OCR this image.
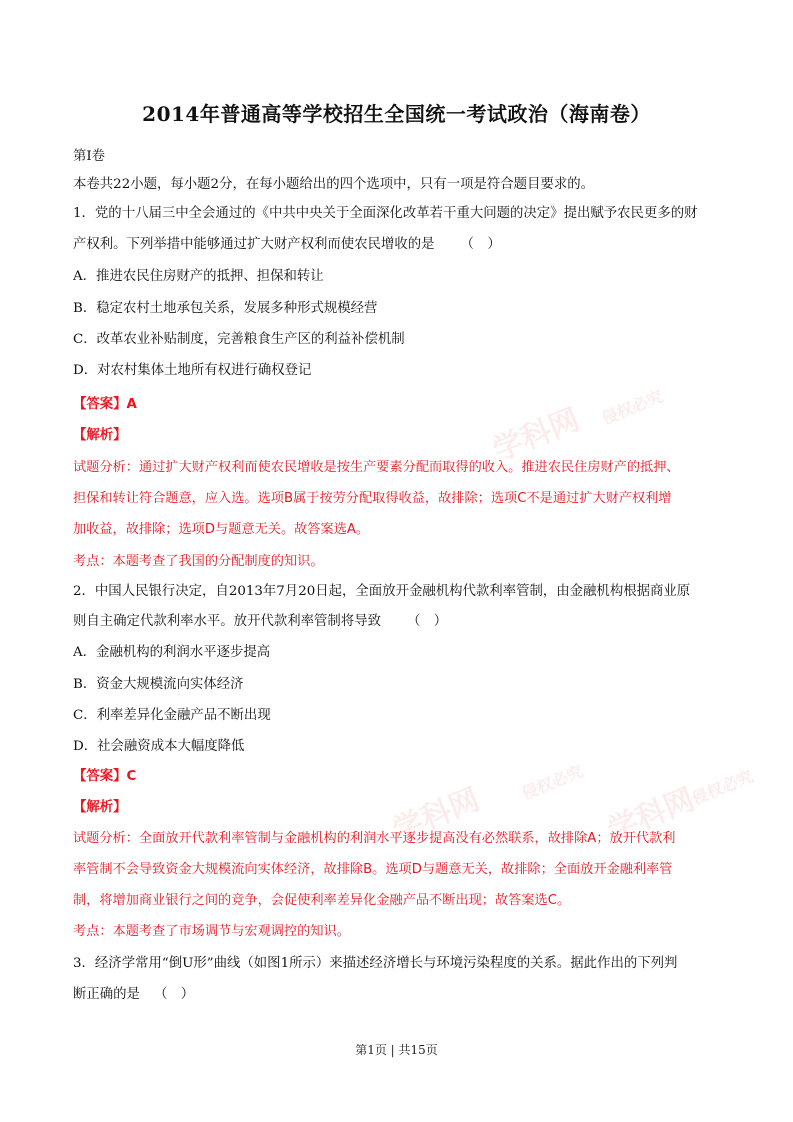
学科网 侵权必究
学科网 侵权必究 学科网
侵权必究
2014年普通高等学校招生全国统一考试政治（海南卷）
第Ⅰ卷
本卷共22小题，每小题2分，在每小题给出的四个选项中，只有一项是符合题目要求的。
1．党的十八届三中全会通过的《中共中央关于全面深化改革若干重大问题的决定》提出赋予农民更多的财
产权利。下列举措中能够通过扩大财产权利而使农民增收的是 （　）
A．推进农民住房财产的抵押、担保和转让
B．稳定农村土地承包关系，发展多种形式规模经营
C．改革农业补贴制度，完善粮食生产区的利益补偿机制
D．对农村集体土地所有权进行确权登记
【答案】A
【解析】
试题分析：通过扩大财产权利而使农民增收是按生产要素分配而取得的收入。推进农民住房财产的抵押、
担保和转让符合题意，应入选。选项B属于按劳分配取得收益，故排除；选项C不是通过扩大财产权利增
加收益，故排除；选项D与题意无关。故答案选A。
考点：本题考查了我国的分配制度的知识。
2．中国人民银行决定，自2013年7月20日起，全面放开金融机构代款利率管制，由金融机构根据商业原
则自主确定代款利率水平。放开代款利率管制将导致 （　）
A．金融机构的利润水平逐步提高
B．资金大规模流向实体经济
C．利率差异化金融产品不断出现
D．社会融资成本大幅度降低
【答案】C
【解析】
试题分析：全面放开代款利率管制与金融机构的利润水平逐步提高没有必然联系，故排除A；放开代款利
率管制不会导致资金大规模流向实体经济，故排除B。选项D与题意无关，故排除；全面放开金融利率管
制，将增加商业银行之间的竞争，会促使利率差异化金融产品不断出现；故答案选C。
考点：本题考查了市场调节与宏观调控的知识。
3．经济学常用“倒U形”曲线（如图1所示）来描述经济增长与环境污染程度的关系。据此作出的下列判
断正确的是 （　）
第1页 | 共15页
